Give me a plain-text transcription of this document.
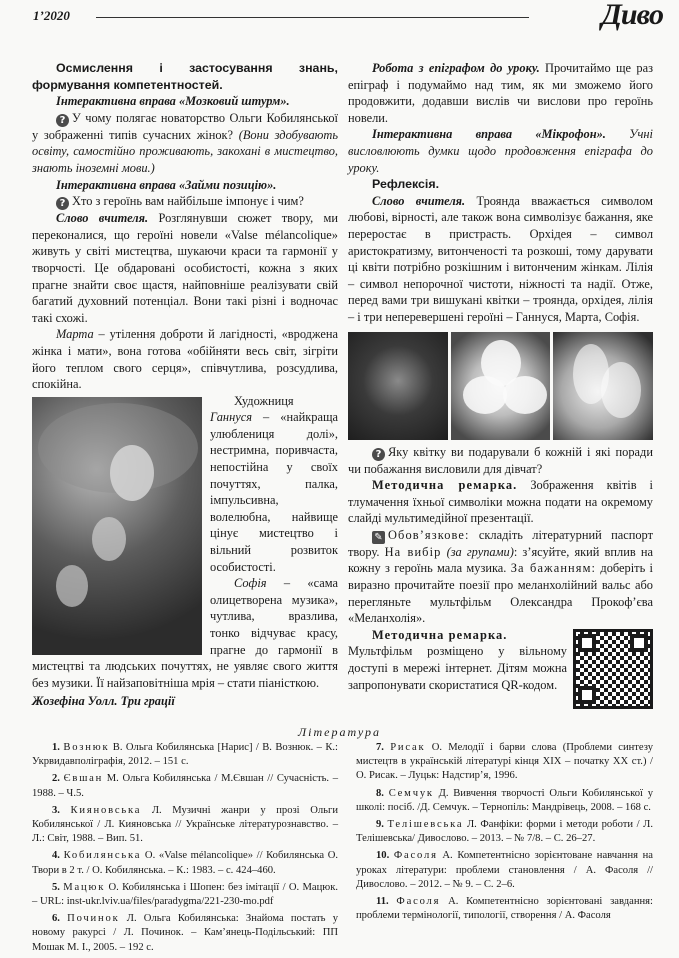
1’2020	Дивo

Осмислення і застосування знань, формування компетентностей.

Інтерактивна вправа «Мозковий штурм».

? У чому полягає новаторство Ольги Кобилянської у зображенні типів сучасних жінок? (Вони здобувають освіту, самостійно проживають, закохані в мистецтво, знають іноземні мови.)

Інтерактивна вправа «Займи позицію».

? Хто з героїнь вам найбільше імпонує і чим?

Слово вчителя. Розглянувши сюжет твору, ми переконалися, що героїні новели «Valse mélancolique» живуть у світі мистецтва, шукаючи краси та гармонії у творчості. Це обдаровані особистості, кожна з яких прагне знайти своє щастя, найповніше реалізувати свій багатий духовний потенціал. Вони такі різні і водночас такі схожі.

Марта – утілення доброти й лагідності, «вроджена жінка і мати», вона готова «обійняти весь світ, зігріти його теплом свого серця», співчутлива, розсудлива, спокійна.

Художниця Ганнуся – «найкраща улюблениця долі», нестримна, поривчаста, непостійна у своїх почуттях, палка, імпульсивна, волелюбна, найвище цінує мистецтво і вільний розвиток особистості.

Софія – «сама олицетворена музика», чутлива, вразлива, тонко відчуває красу, прагне до гармонії в мистецтві та людських почуттях, не уявляє свого життя без музики. Її найзаповітніша мрія – стати піаністкою.

Жозефіна Уолл. Три грації

Робота з епіграфом до уроку. Прочитаймо ще раз епіграф і подумаймо над тим, як ми зможемо його продовжити, додавши вислів чи вислови про героїнь новели.

Інтерактивна вправа «Мікрофон». Учні висловлюють думки щодо продовження епіграфа до уроку.

Рефлексія.

Слово вчителя. Троянда вважається символом любові, вірності, але також вона символізує бажання, яке переростає в пристрасть. Орхідея – символ аристократизму, витонченості та розкоші, тому дарувати ці квіти потрібно розкішним і витонченим жінкам. Лілія – символ непорочної чистоти, ніжності та надії. Отже, перед вами три вишукані квітки – троянда, орхідея, лілія – і три неперевершені героїні – Ганнуся, Марта, Софія.

? Яку квітку ви подарували б кожній і які поради чи побажання висловили для дівчат?

Методична ремарка. Зображення квітів і тлумачення їхньої символіки можна подати на окремому слайді мультимедійної презентації.

✎ Обов’язкове: складіть літературний паспорт твору. На вибір (за групами): з’ясуйте, який вплив на кожну з героїнь мала музика. За бажанням: доберіть і виразно прочитайте поезії про меланхолійний вальс або перегляньте мультфільм Олександра Прокоф’єва «Меланхолія».

Методична ремарка.

Мультфільм розміщено у вільному доступі в мережі інтернет. Дітям можна запропонувати скористатися QR-кодом.

Література

1. Вознюк В. Ольга Кобилянська [Нарис] / В. Вознюк. – К.: Укрвидавполіграфія, 2012. – 151 с.

2. Євшан М. Ольга Кобилянська / М.Євшан // Сучасність. – 1988. – Ч.5.

3. Кияновська Л. Музичні жанри у прозі Ольги Кобилянської / Л. Кияновська // Українське літературознавство. – Л.: Світ, 1988. – Вип. 51.

4. Кобилянська О. «Valse mélancolique» // Кобилянська О. Твори в 2 т. / О. Кобилянська. – К.: 1983. – с. 424–460.

5. Мацюк О. Кобилянська і Шопен: без імітації / О. Мацюк. – URL: inst-ukr.lviv.ua/files/paradygma/221-230-mo.pdf

6. Починок Л. Ольга Кобилянська: Знайома постать у новому ракурсі / Л. Починок. – Кам’янець-Подільський: ПП Мошак М. І., 2005. – 192 с.

7. Рисак О. Мелодії і барви слова (Проблеми синтезу мистецтв в українській літературі кінця XIX – початку XX ст.) / О. Рисак. – Луцьк: Надстир’я, 1996.

8. Семчук Д. Вивчення творчості Ольги Кобилянської у школі: посіб. /Д. Семчук. – Тернопіль: Мандрівець, 2008. – 168 с.

9. Телішевська Л. Фанфіки: форми і методи роботи / Л. Телішевська/ Дивослово. – 2013. – № 7/8. – С. 26–27.

10. Фасоля А. Компетентнісно зорієнтоване навчання на уроках літератури: проблеми становлення / А. Фасоля // Дивослово. – 2012. – № 9. – С. 2–6.

11. Фасоля А. Компетентнісно зорієнтовані завдання: проблеми термінології, типології, створення / А. Фасоля
